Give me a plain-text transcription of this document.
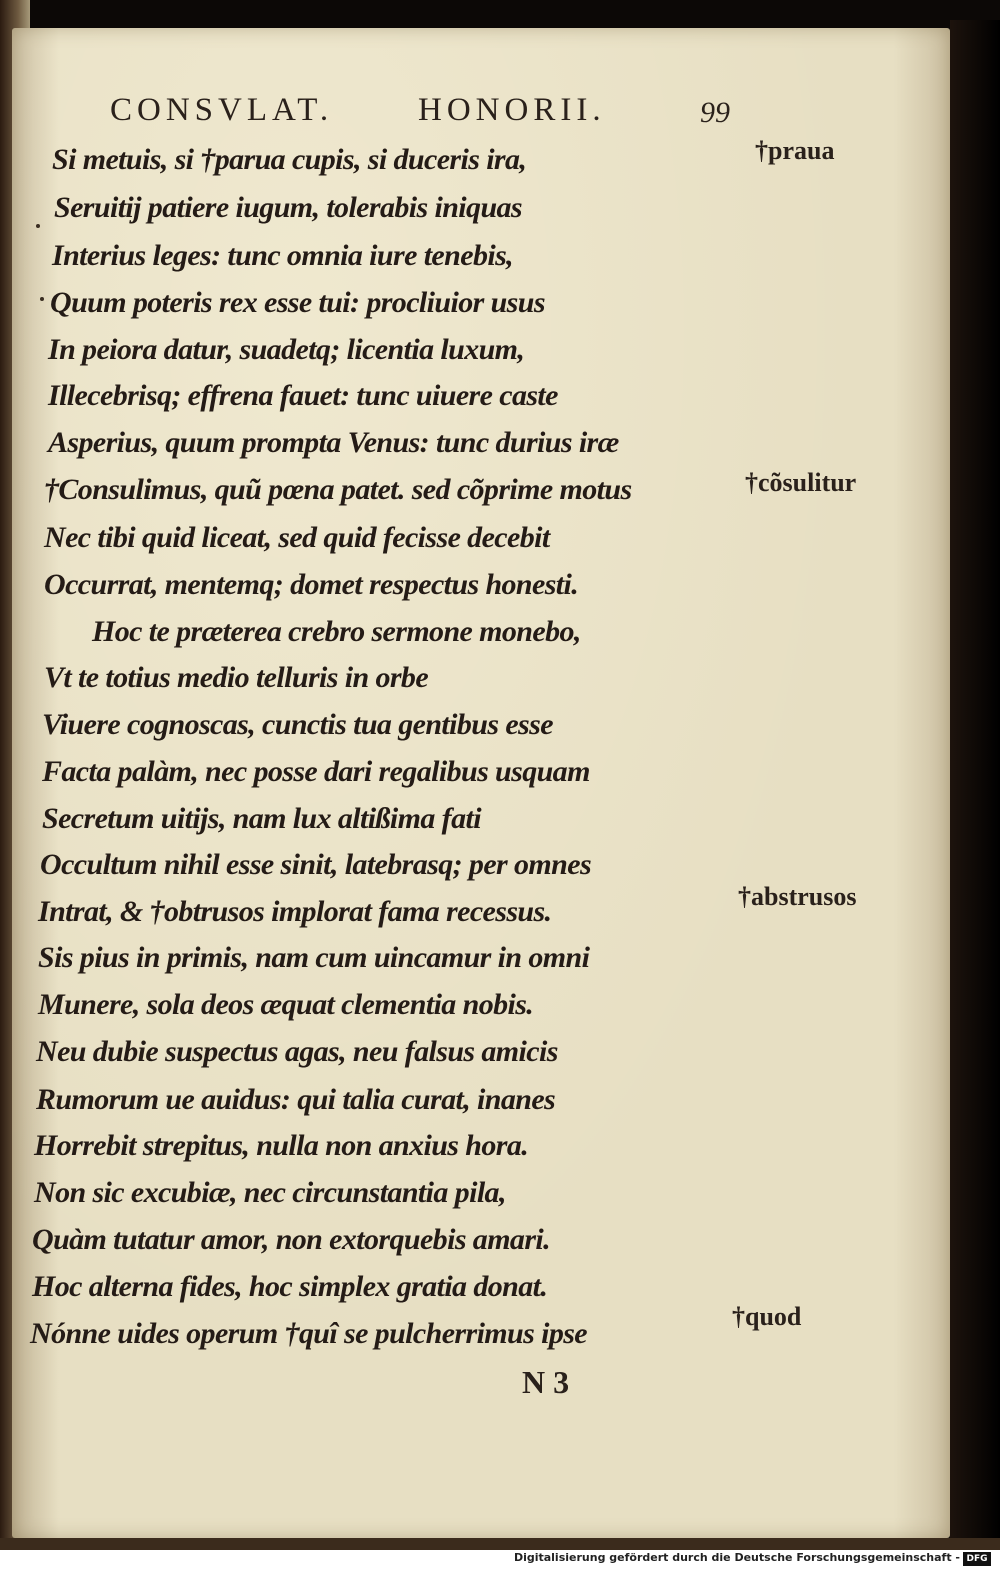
CONSVLAT.	HONORII.	99
Si metuis, si †parua cupis, si duceris ira,
Seruitij patiere iugum, tolerabis iniquas
Interius leges: tunc omnia iure tenebis,
Quum poteris rex esse tui: procliuior usus
In peiora datur, suadetq; licentia luxum,
Illecebrisq; effrena fauet: tunc uiuere caste
Asperius, quum prompta Venus: tunc durius iræ
†Consulimus, quũ pœna patet. sed cõprime motus
Nec tibi quid liceat, sed quid fecisse decebit
Occurrat, mentemq; domet respectus honesti.
Hoc te præterea crebro sermone monebo,
Vt te totius medio telluris in orbe
Viuere cognoscas, cunctis tua gentibus esse
Facta palàm, nec posse dari regalibus usquam
Secretum uitijs, nam lux altißima fati
Occultum nihil esse sinit, latebrasq; per omnes
Intrat, & †obtrusos implorat fama recessus.
Sis pius in primis, nam cum uincamur in omni
Munere, sola deos æquat clementia nobis.
Neu dubie suspectus agas, neu falsus amicis
Rumorum ue auidus: qui talia curat, inanes
Horrebit strepitus, nulla non anxius hora.
Non sic excubiæ, nec circunstantia pila,
Quàm tutatur amor, non extorquebis amari.
Hoc alterna fides, hoc simplex gratia donat.
Nónne uides operum †quî se pulcherrimus ipse
†praua
†cõsulitur
†abstrusos
†quod
N 3
Digitalisierung gefördert durch die Deutsche Forschungsgemeinschaft - DFG
